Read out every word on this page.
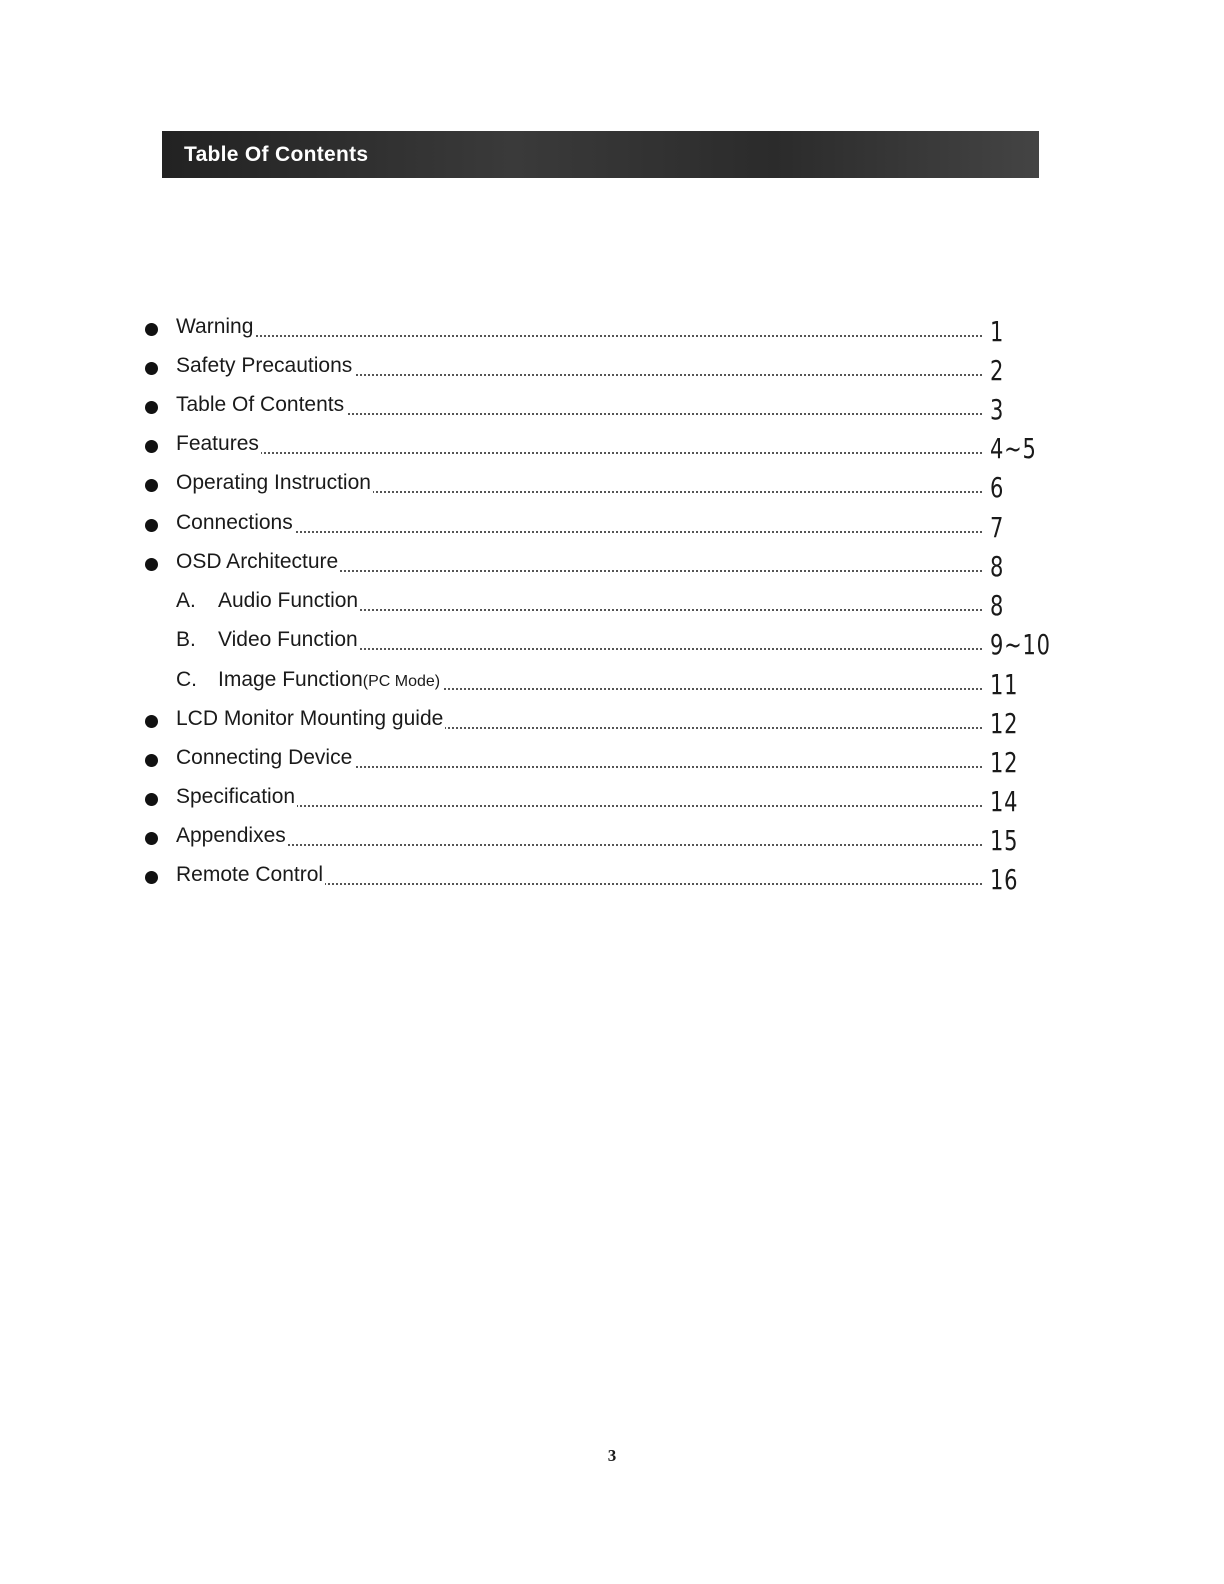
Table Of Contents
Warning	1
Safety Precautions	2
Table Of Contents	3
Features	4~5
Operating Instruction	6
Connections	7
OSD Architecture	8
A. Audio Function	8
B. Video Function	9~10
C. Image Function(PC Mode)	11
LCD Monitor Mounting guide	12
Connecting Device	12
Specification	14
Appendixes	15
Remote Control	16
3
